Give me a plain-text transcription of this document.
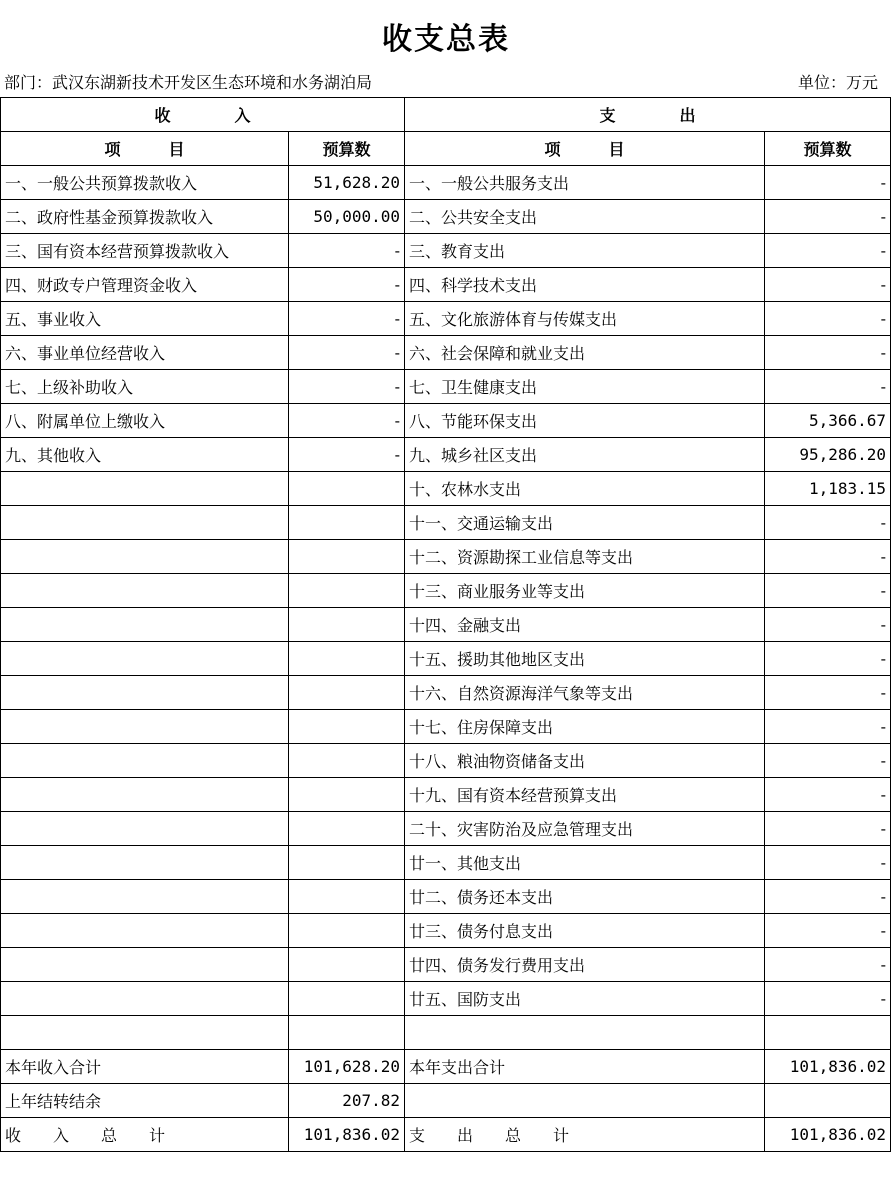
收支总表
部门：武汉东湖新技术开发区生态环境和水务湖泊局	单位：万元
收　　　　入		支　　　　出	
项　　　目	预算数	项　　　目	预算数
一、一般公共预算拨款收入	51,628.20	一、一般公共服务支出	-
二、政府性基金预算拨款收入	50,000.00	二、公共安全支出	-
三、国有资本经营预算拨款收入	-	三、教育支出	-
四、财政专户管理资金收入	-	四、科学技术支出	-
五、事业收入	-	五、文化旅游体育与传媒支出	-
六、事业单位经营收入	-	六、社会保障和就业支出	-
七、上级补助收入	-	七、卫生健康支出	-
八、附属单位上缴收入	-	八、节能环保支出	5,366.67
九、其他收入	-	九、城乡社区支出	95,286.20
		十、农林水支出	1,183.15
		十一、交通运输支出	-
		十二、资源勘探工业信息等支出	-
		十三、商业服务业等支出	-
		十四、金融支出	-
		十五、援助其他地区支出	-
		十六、自然资源海洋气象等支出	-
		十七、住房保障支出	-
		十八、粮油物资储备支出	-
		十九、国有资本经营预算支出	-
		二十、灾害防治及应急管理支出	-
		廿一、其他支出	-
		廿二、债务还本支出	-
		廿三、债务付息支出	-
		廿四、债务发行费用支出	-
		廿五、国防支出	-

本年收入合计	101,628.20	本年支出合计	101,836.02
上年结转结余	207.82		
收　　入　　总　　计	101,836.02	支　　出　　总　　计	101,836.02
